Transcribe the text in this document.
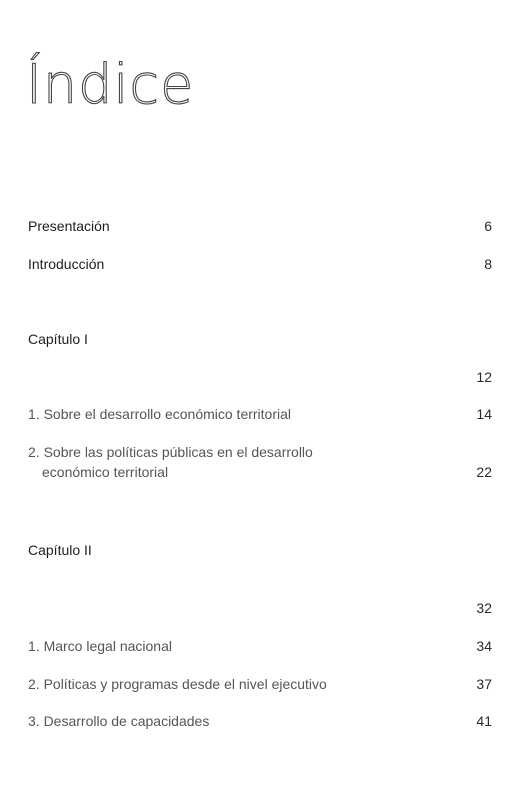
Índice
Presentación	6
Introducción	8
Capítulo I
12
1. Sobre el desarrollo económico territorial	14
2. Sobre las políticas públicas en el desarrollo
económico territorial	22
Capítulo II
32
1. Marco legal nacional	34
2. Políticas y programas desde el nivel ejecutivo	37
3. Desarrollo de capacidades	41
